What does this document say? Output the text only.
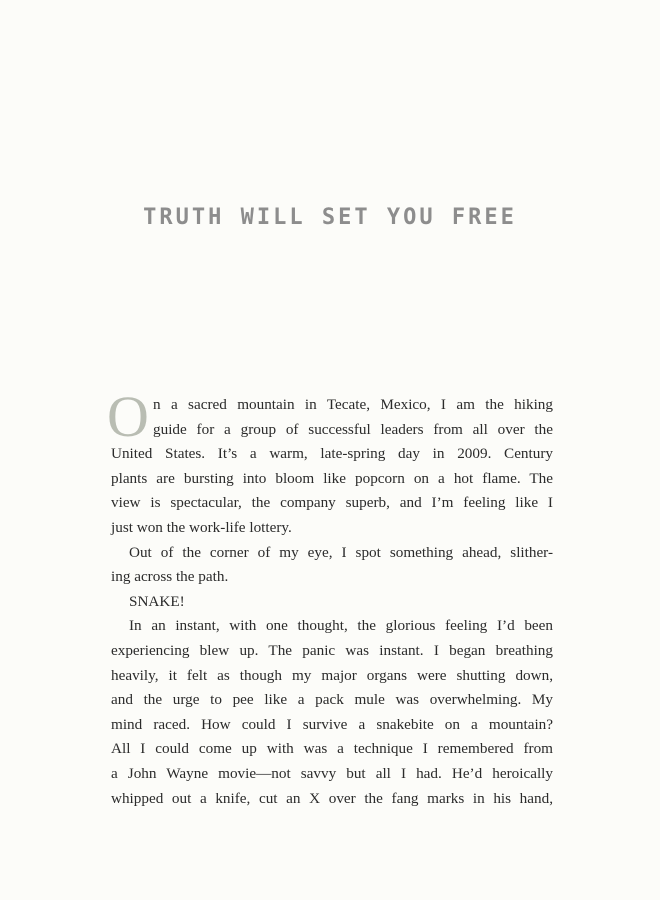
TRUTH WILL SET YOU FREE
O n a sacred mountain in Tecate, Mexico, I am the hiking
guide for a group of successful leaders from all over the
United States. It’s a warm, late-spring day in 2009. Century
plants are bursting into bloom like popcorn on a hot flame. The
view is spectacular, the company superb, and I’m feeling like I
just won the work-life lottery.
Out of the corner of my eye, I spot something ahead, slither-
ing across the path.
SNAKE!
In an instant, with one thought, the glorious feeling I’d been
experiencing blew up. The panic was instant. I began breathing
heavily, it felt as though my major organs were shutting down,
and the urge to pee like a pack mule was overwhelming. My
mind raced. How could I survive a snakebite on a mountain?
All I could come up with was a technique I remembered from
a John Wayne movie—not savvy but all I had. He’d heroically
whipped out a knife, cut an X over the fang marks in his hand,
